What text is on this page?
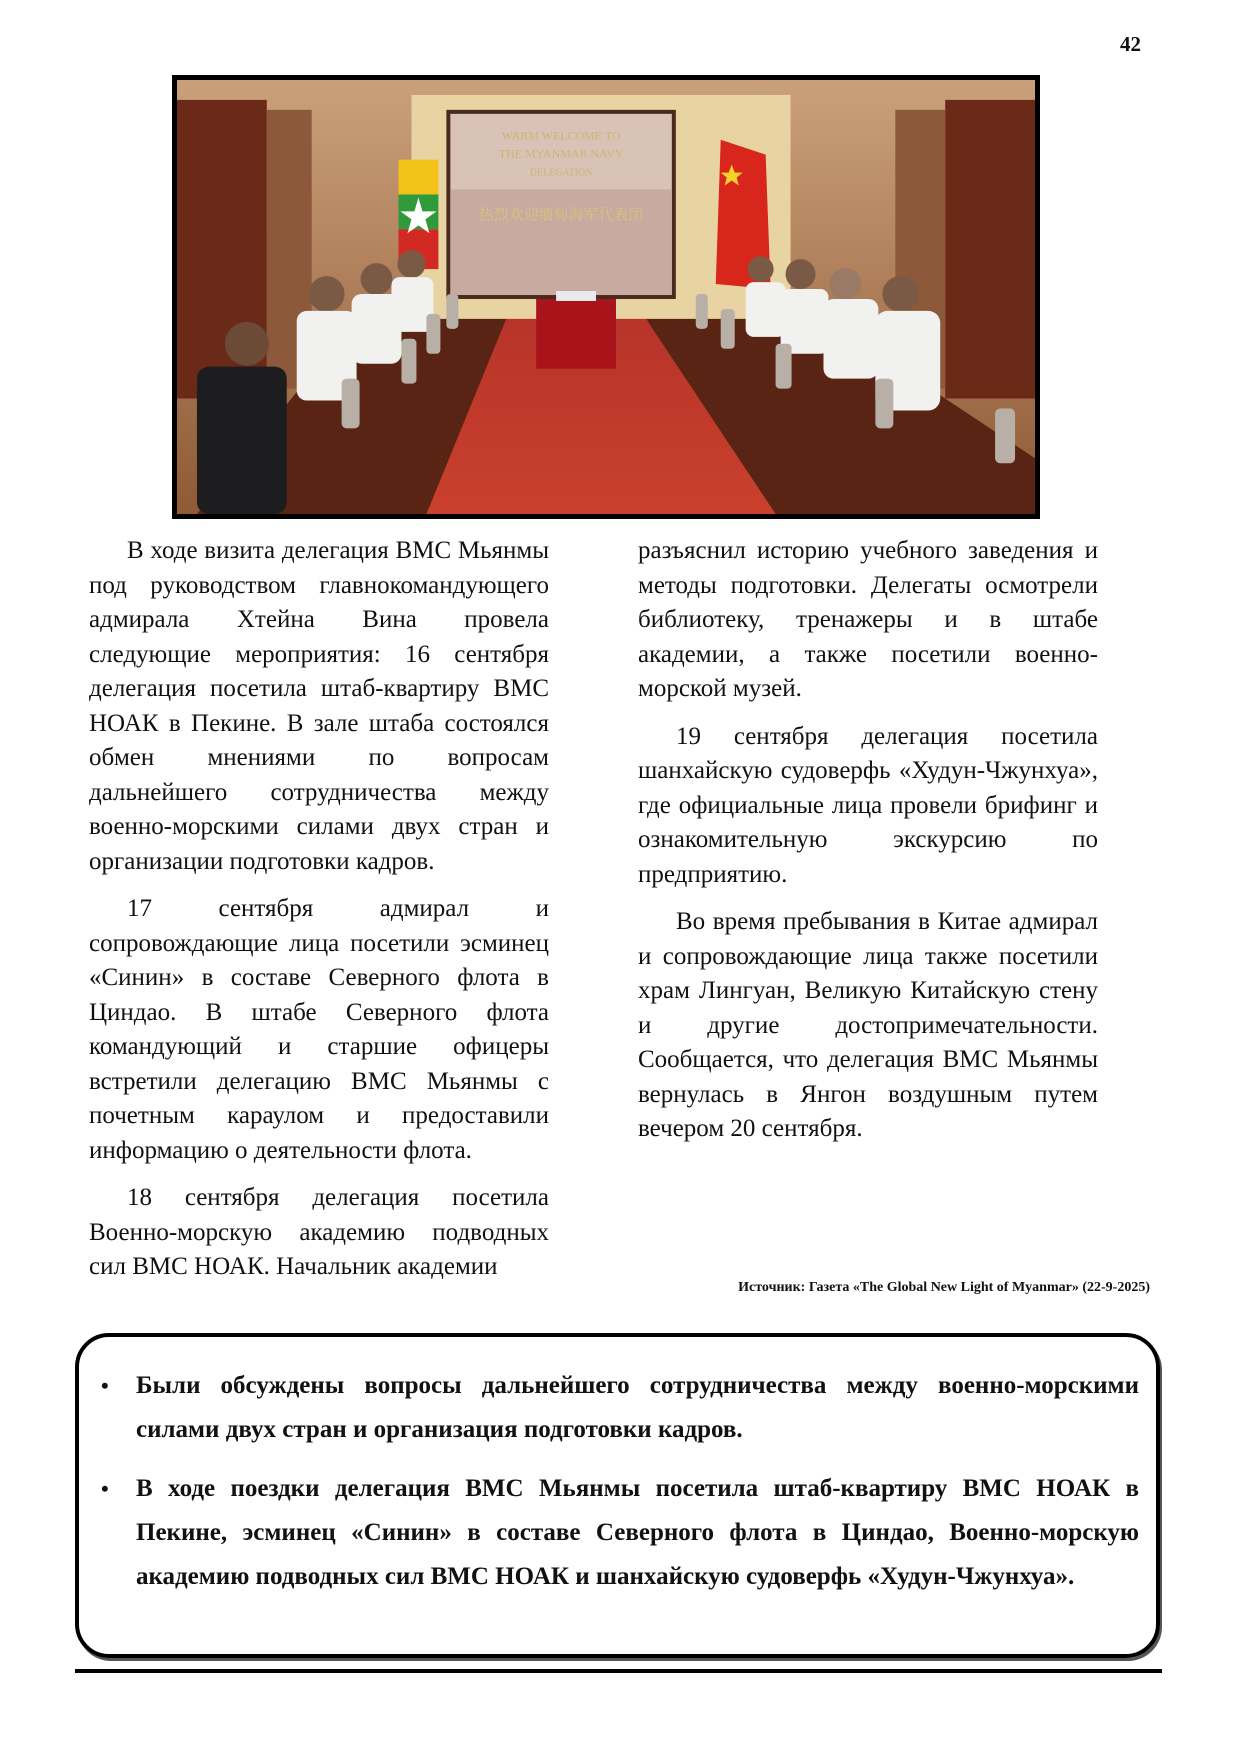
42
WARM WELCOME TO
THE MYANMAR NAVY
DELEGATION
热烈欢迎缅甸海军代表团

В ходе визита делегация ВМС Мьянмы под руководством главнокомандующего адмирала Хтейна Вина провела следующие мероприятия: 16 сентября делегация посетила штаб-квартиру ВМС НОАК в Пекине. В зале штаба состоялся обмен мнениями по вопросам дальнейшего сотрудничества между военно-морскими силами двух стран и организации подготовки кадров.

17 сентября адмирал и сопровождающие лица посетили эсминец «Синин» в составе Северного флота в Циндао. В штабе Северного флота командующий и старшие офицеры встретили делегацию ВМС Мьянмы с почетным караулом и предоставили информацию о деятельности флота.

18 сентября делегация посетила Военно-морскую академию подводных сил ВМС НОАК. Начальник академии

разъяснил историю учебного заведения и методы подготовки. Делегаты осмотрели библиотеку, тренажеры и в штабе академии, а также посетили военно-морской музей.

19 сентября делегация посетила шанхайскую судоверфь «Худун-Чжунхуа», где официальные лица провели брифинг и ознакомительную экскурсию по предприятию.

Во время пребывания в Китае адмирал и сопровождающие лица также посетили храм Лингуан, Великую Китайскую стену и другие достопримечательности. Сообщается, что делегация ВМС Мьянмы вернулась в Янгон воздушным путем вечером 20 сентября.

Источник: Газета «The Global New Light of Myanmar» (22-9-2025)
• Были обсуждены вопросы дальнейшего сотрудничества между военно-морскими силами двух стран и организация подготовки кадров.
• В ходе поездки делегация ВМС Мьянмы посетила штаб-квартиру ВМС НОАК в Пекине, эсминец «Синин» в составе Северного флота в Циндао, Военно-морскую академию подводных сил ВМС НОАК и шанхайскую судоверфь «Худун-Чжунхуа».
